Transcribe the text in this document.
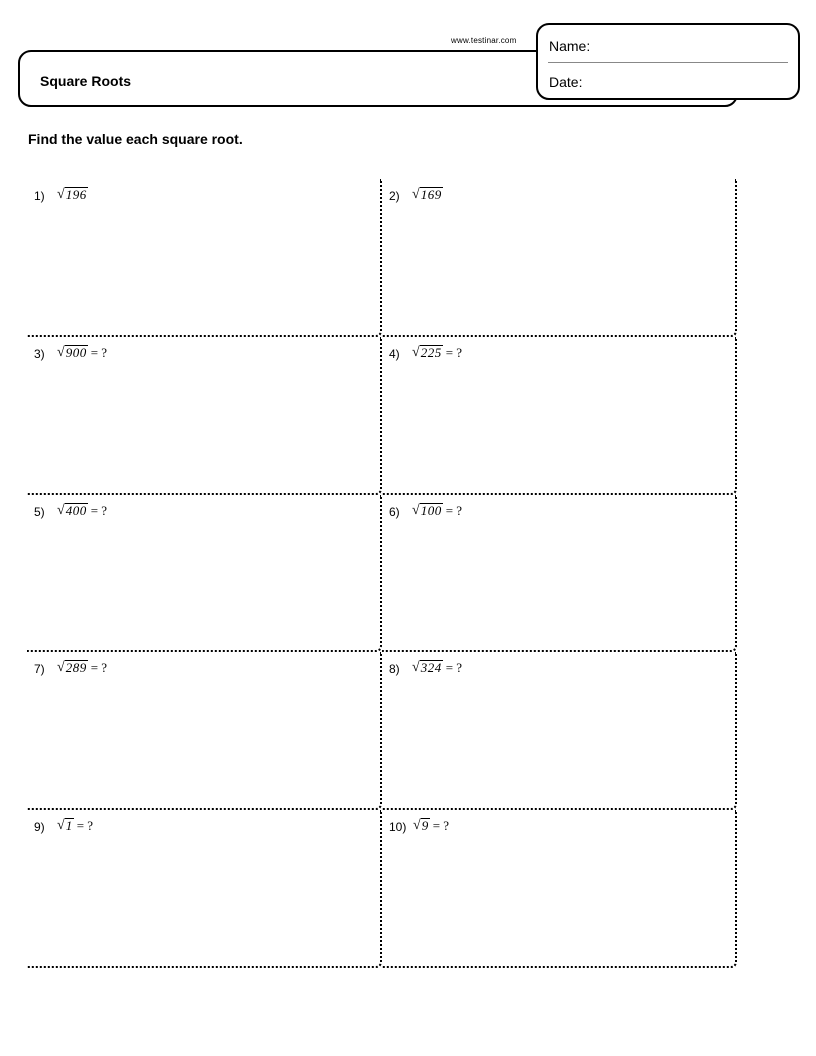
www.testinar.com
Square Roots
Name:
Date:
Find the value each square root.
1) √ 196	2) √ 169
3) √ 900 = ?	4) √ 225 = ?
5) √ 400 = ?	6) √ 100 = ?
7) √ 289 = ?	8) √ 324 = ?
9) √ 1 = ?	10) √ 9 = ?
